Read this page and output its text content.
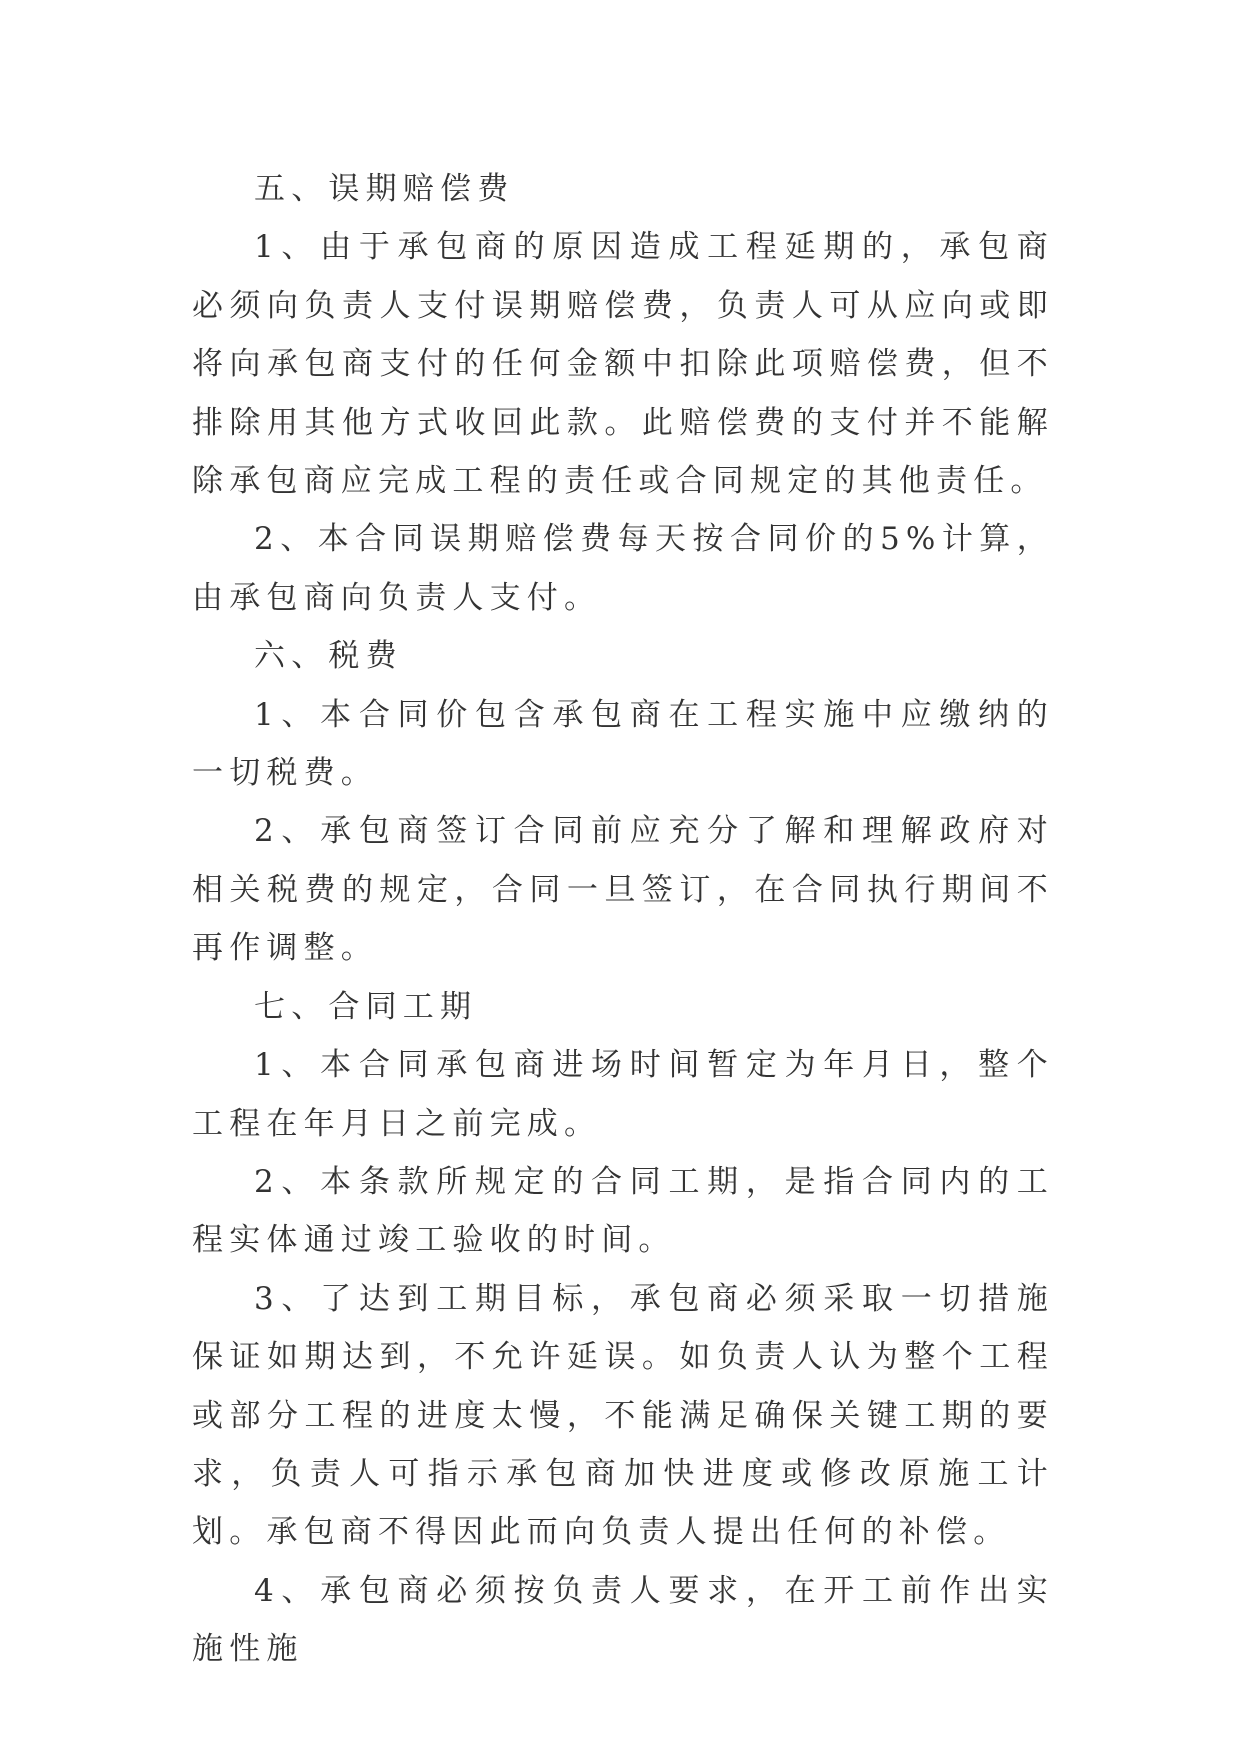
五、误期赔偿费

1、由于承包商的原因造成工程延期的，承包商必须向负责人支付误期赔偿费，负责人可从应向或即将向承包商支付的任何金额中扣除此项赔偿费，但不排除用其他方式收回此款。此赔偿费的支付并不能解除承包商应完成工程的责任或合同规定的其他责任。

2、本合同误期赔偿费每天按合同价的5%计算，由承包商向负责人支付。

六、税费

1、本合同价包含承包商在工程实施中应缴纳的一切税费。

2、承包商签订合同前应充分了解和理解政府对相关税费的规定，合同一旦签订，在合同执行期间不再作调整。

七、合同工期

1、本合同承包商进场时间暂定为年月日，整个工程在年月日之前完成。

2、本条款所规定的合同工期，是指合同内的工程实体通过竣工验收的时间。

3、了达到工期目标，承包商必须采取一切措施保证如期达到，不允许延误。如负责人认为整个工程或部分工程的进度太慢，不能满足确保关键工期的要求，负责人可指示承包商加快进度或修改原施工计划。承包商不得因此而向负责人提出任何的补偿。

4、承包商必须按负责人要求，在开工前作出实施性施
